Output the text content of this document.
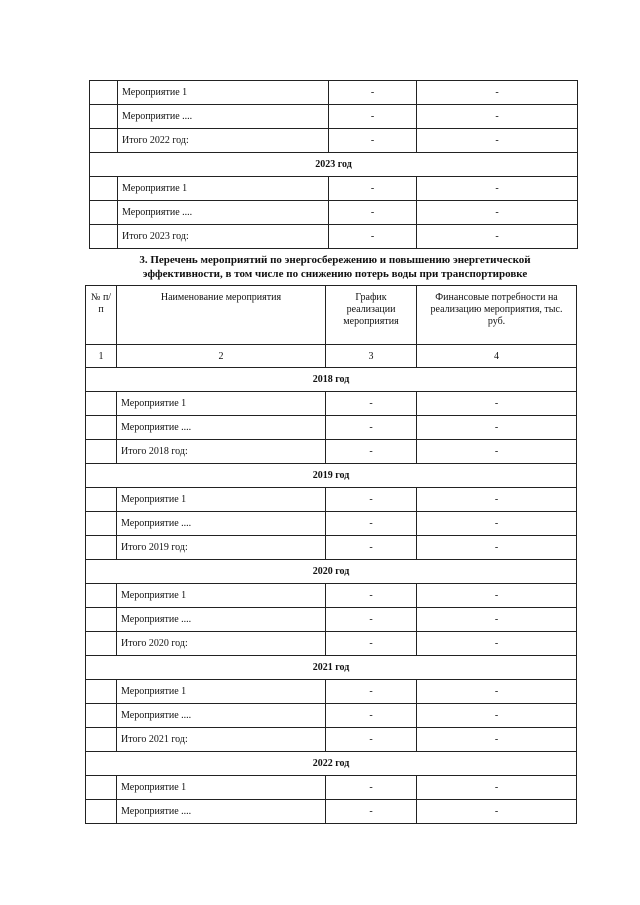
	Мероприятие 1	-	-
	Мероприятие ....	-	-
	Итого 2022 год:	-	-
2023 год			
	Мероприятие 1	-	-
	Мероприятие ....	-	-
	Итого 2023 год:	-	-
3. Перечень мероприятий по энергосбережению и повышению энергетической эффективности, в том числе по снижению потерь воды при транспортировке
№ п/п	Наименование мероприятия	График реализации мероприятия	Финансовые потребности на реализацию мероприятия, тыс. руб.
1	2	3	4
2018 год			
	Мероприятие 1	-	-
	Мероприятие ....	-	-
	Итого 2018 год:	-	-
2019 год			
	Мероприятие 1	-	-
	Мероприятие ....	-	-
	Итого 2019 год:	-	-
2020 год			
	Мероприятие 1	-	-
	Мероприятие ....	-	-
	Итого 2020 год:	-	-
2021 год			
	Мероприятие 1	-	-
	Мероприятие ....	-	-
	Итого 2021 год:	-	-
2022 год			
	Мероприятие 1	-	-
	Мероприятие ....	-	-
